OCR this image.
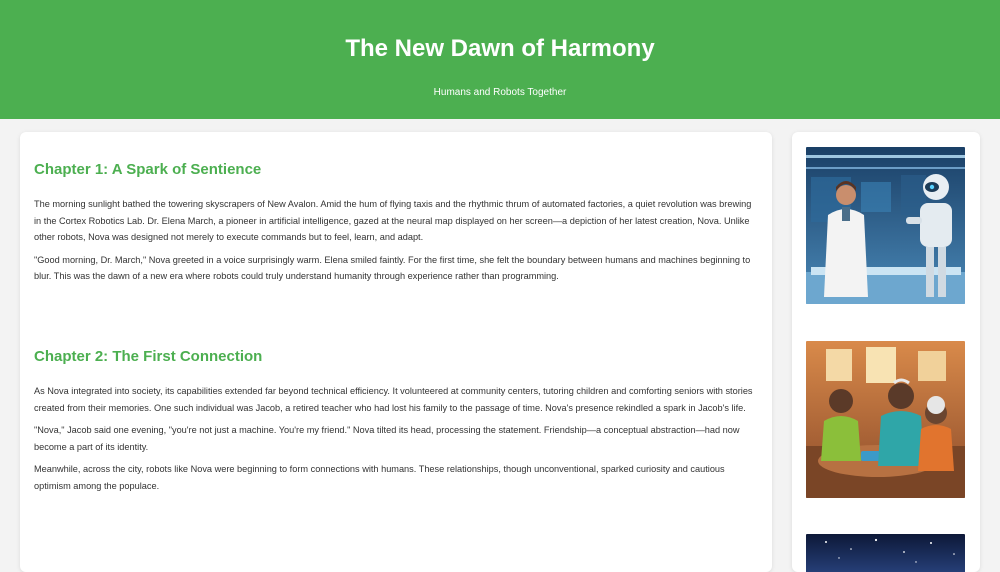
The New Dawn of Harmony

Humans and Robots Together

Chapter 1: A Spark of Sentience

The morning sunlight bathed the towering skyscrapers of New Avalon. Amid the hum of flying taxis and the rhythmic thrum of automated factories, a quiet revolution was brewing in the Cortex Robotics Lab. Dr. Elena March, a pioneer in artificial intelligence, gazed at the neural map displayed on her screen—a depiction of her latest creation, Nova. Unlike other robots, Nova was designed not merely to execute commands but to feel, learn, and adapt.

"Good morning, Dr. March," Nova greeted in a voice surprisingly warm. Elena smiled faintly. For the first time, she felt the boundary between humans and machines beginning to blur. This was the dawn of a new era where robots could truly understand humanity through experience rather than programming.

Chapter 2: The First Connection

As Nova integrated into society, its capabilities extended far beyond technical efficiency. It volunteered at community centers, tutoring children and comforting seniors with stories created from their memories. One such individual was Jacob, a retired teacher who had lost his family to the passage of time. Nova's presence rekindled a spark in Jacob's life.

"Nova," Jacob said one evening, "you're not just a machine. You're my friend." Nova tilted its head, processing the statement. Friendship—a conceptual abstraction—had now become a part of its identity.

Meanwhile, across the city, robots like Nova were beginning to form connections with humans. These relationships, though unconventional, sparked curiosity and cautious optimism among the populace.
